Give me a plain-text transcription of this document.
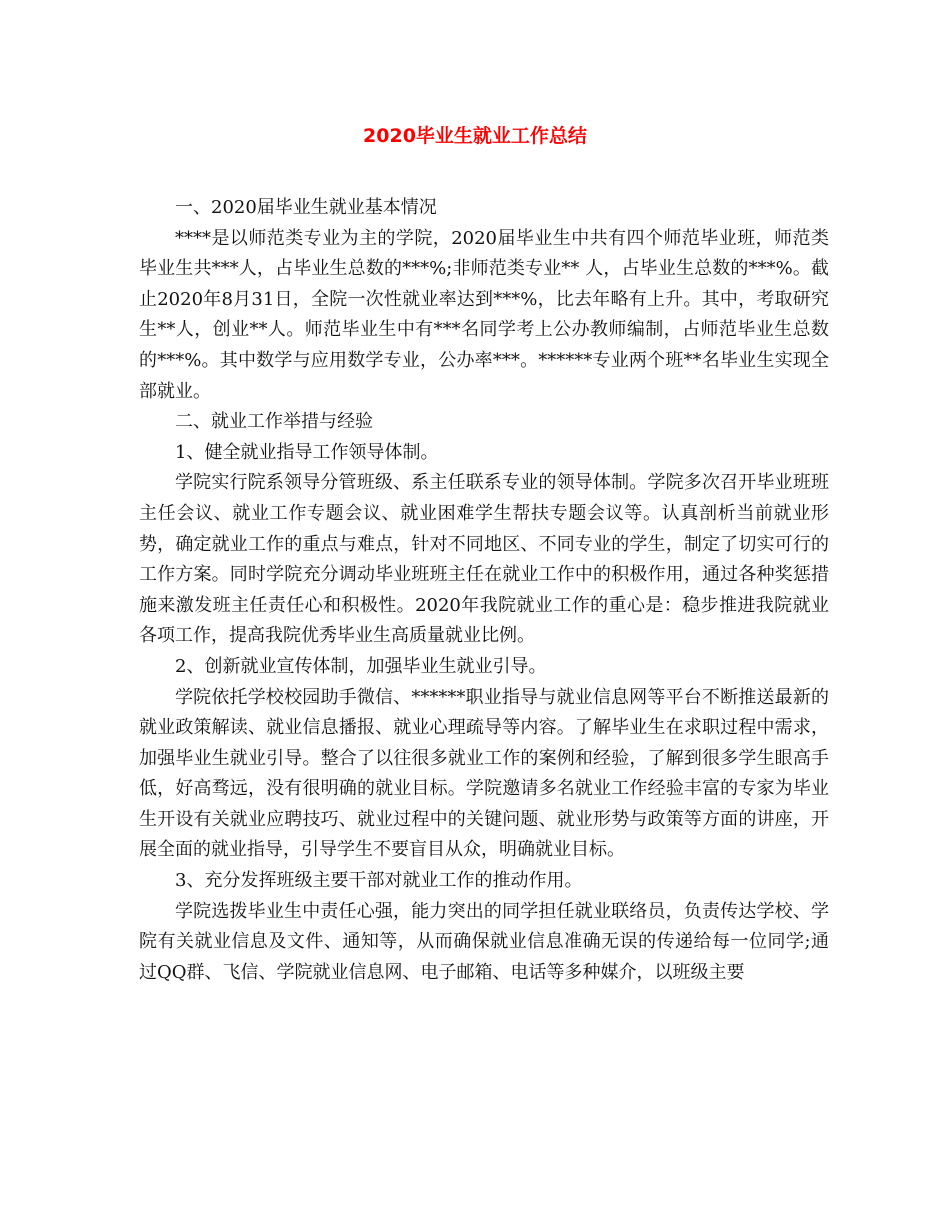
2020毕业生就业工作总结

一、2020届毕业生就业基本情况

****是以师范类专业为主的学院，2020届毕业生中共有四个师范毕业班，师范类毕业生共***人，占毕业生总数的***%;非师范类专业** 人，占毕业生总数的***%。截止2020年8月31日，全院一次性就业率达到***%，比去年略有上升。其中，考取研究生**人，创业**人。师范毕业生中有***名同学考上公办教师编制，占师范毕业生总数的***%。其中数学与应用数学专业，公办率***。******专业两个班**名毕业生实现全部就业。

二、就业工作举措与经验

1、健全就业指导工作领导体制。

学院实行院系领导分管班级、系主任联系专业的领导体制。学院多次召开毕业班班主任会议、就业工作专题会议、就业困难学生帮扶专题会议等。认真剖析当前就业形势，确定就业工作的重点与难点，针对不同地区、不同专业的学生，制定了切实可行的工作方案。同时学院充分调动毕业班班主任在就业工作中的积极作用，通过各种奖惩措施来激发班主任责任心和积极性。2020年我院就业工作的重心是：稳步推进我院就业各项工作，提高我院优秀毕业生高质量就业比例。

2、创新就业宣传体制，加强毕业生就业引导。

学院依托学校校园助手微信、******职业指导与就业信息网等平台不断推送最新的就业政策解读、就业信息播报、就业心理疏导等内容。了解毕业生在求职过程中需求，加强毕业生就业引导。整合了以往很多就业工作的案例和经验，了解到很多学生眼高手低，好高骛远，没有很明确的就业目标。学院邀请多名就业工作经验丰富的专家为毕业生开设有关就业应聘技巧、就业过程中的关键问题、就业形势与政策等方面的讲座，开展全面的就业指导，引导学生不要盲目从众，明确就业目标。

3、充分发挥班级主要干部对就业工作的推动作用。

学院选拨毕业生中责任心强，能力突出的同学担任就业联络员，负责传达学校、学院有关就业信息及文件、通知等，从而确保就业信息准确无误的传递给每一位同学;通过QQ群、飞信、学院就业信息网、电子邮箱、电话等多种媒介，以班级主要
